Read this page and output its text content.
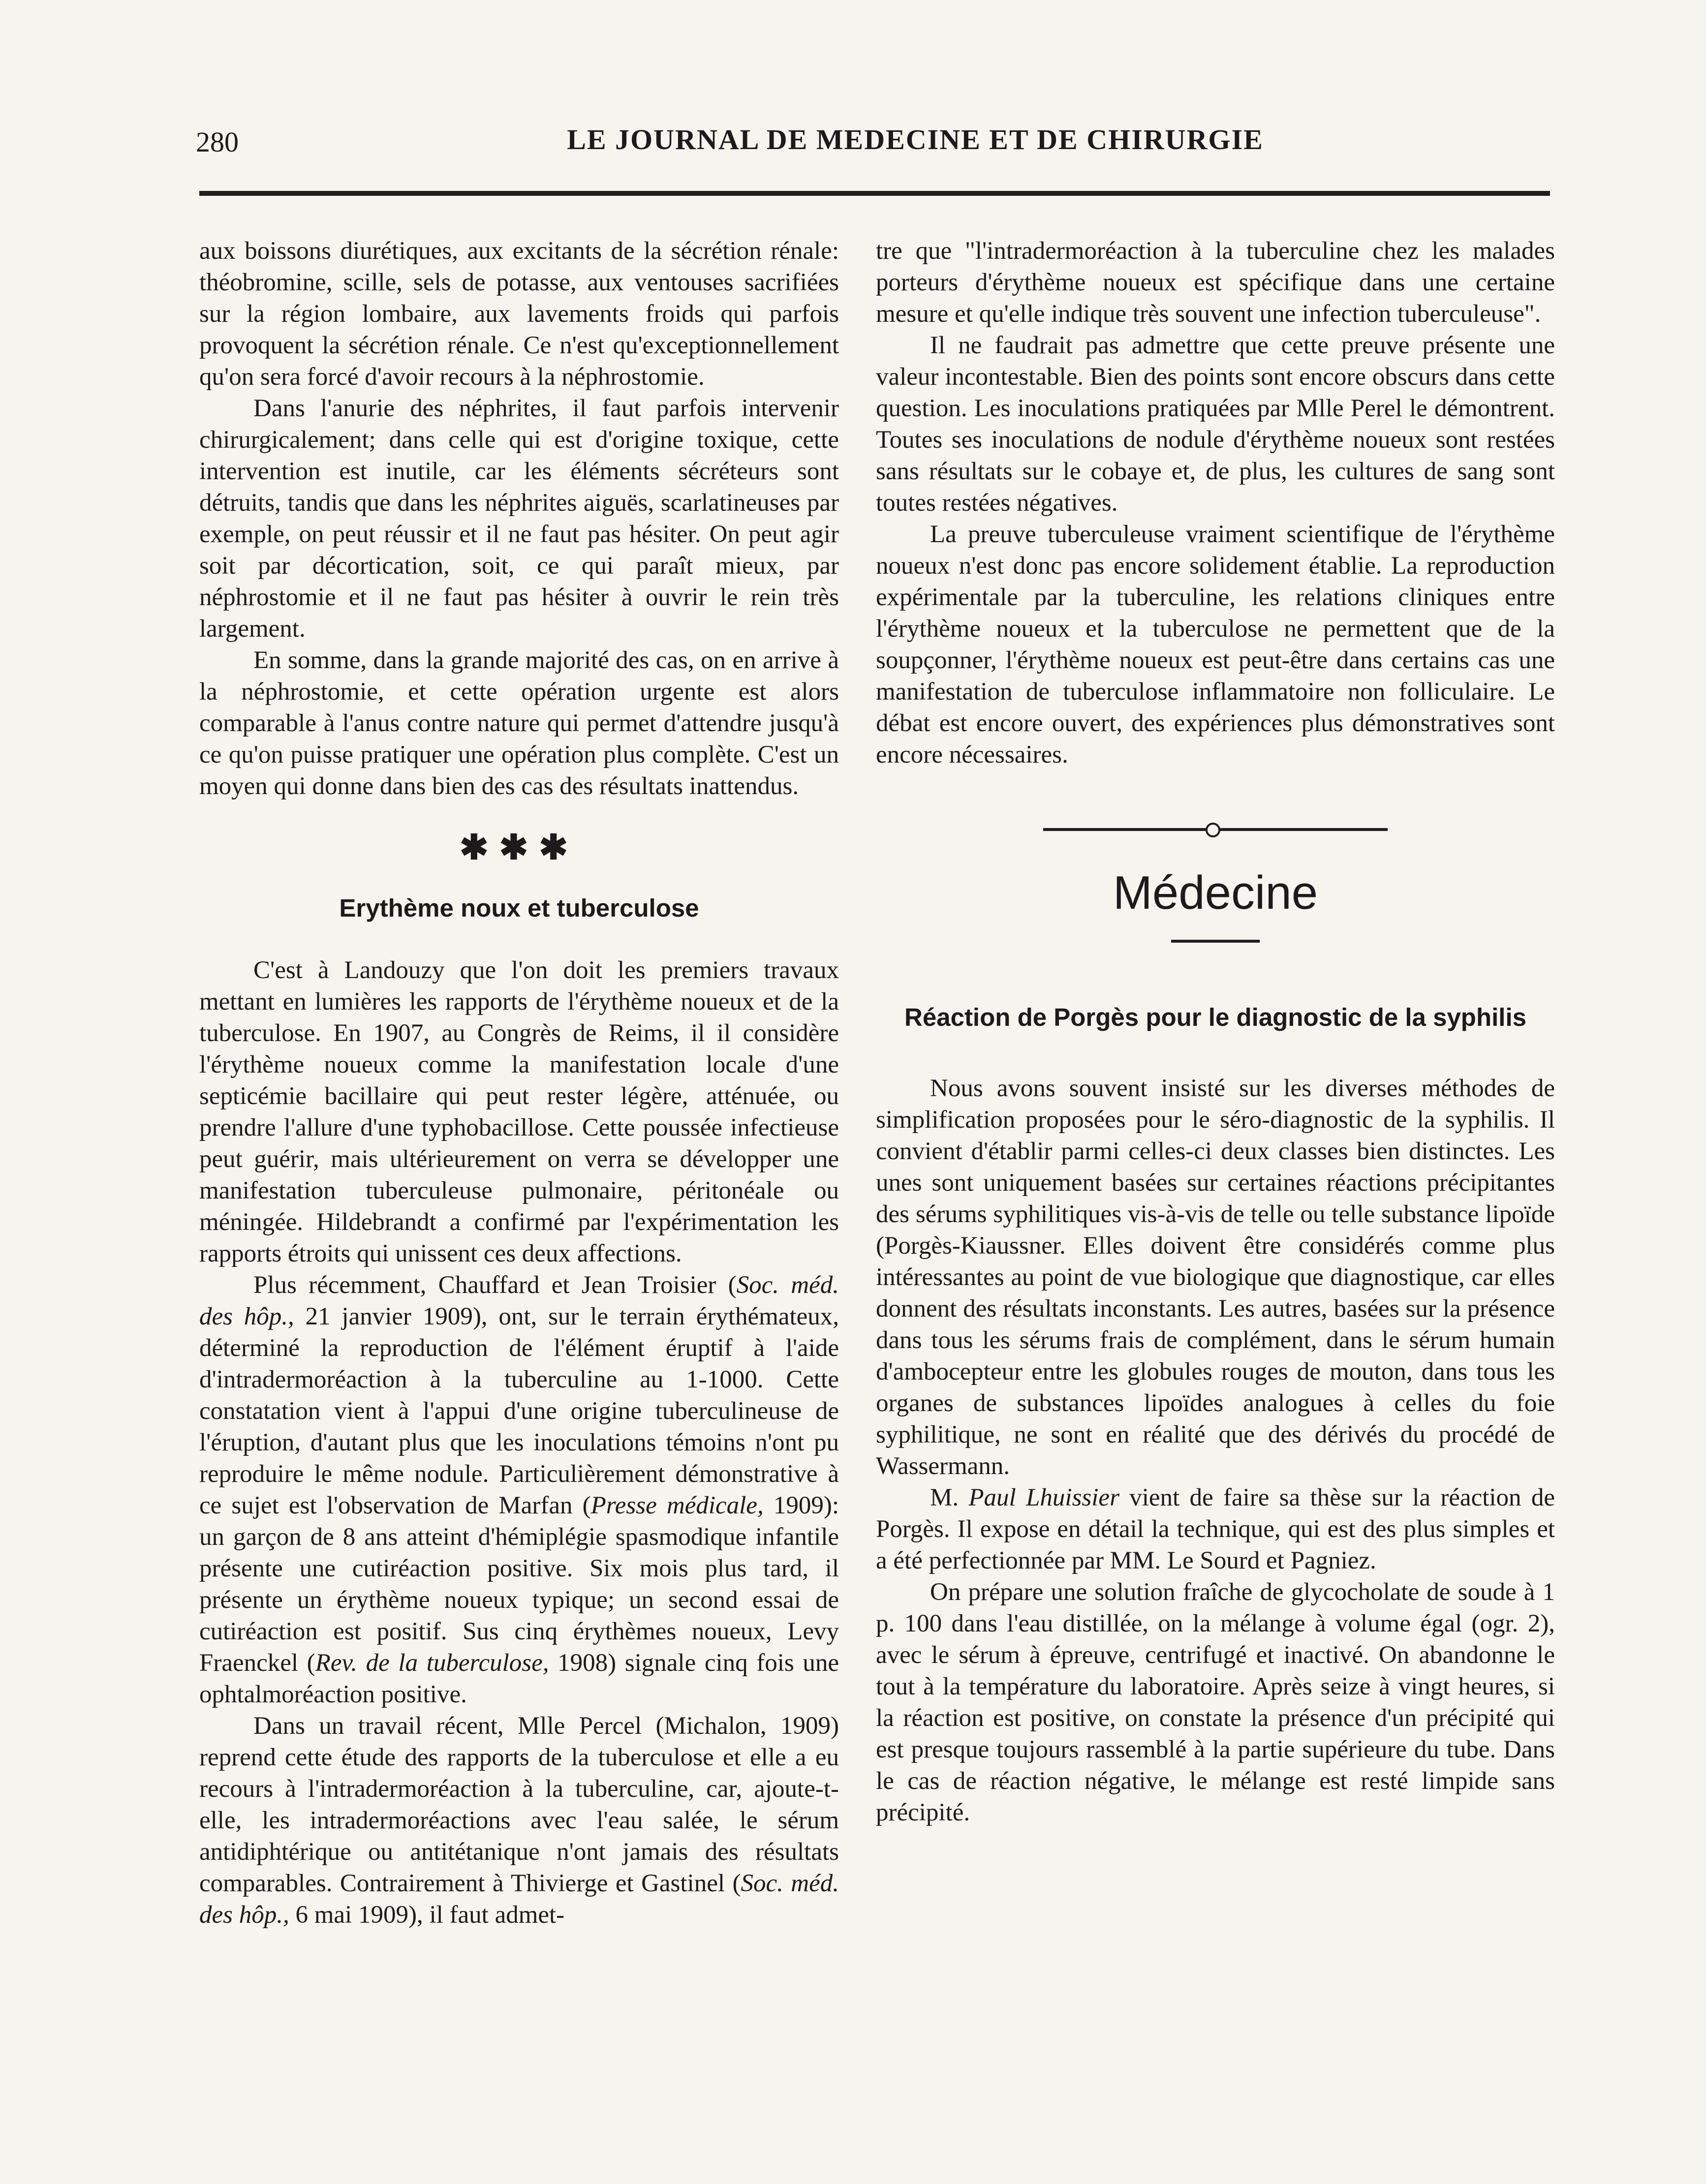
280	LE JOURNAL DE MEDECINE ET DE CHIRURGIE

aux boissons diurétiques, aux excitants de la sécrétion rénale: théobromine, scille, sels de potasse, aux ventouses sacrifiées sur la région lombaire, aux lavements froids qui parfois provoquent la sécrétion rénale. Ce n'est qu'exceptionnellement qu'on sera forcé d'avoir recours à la néphrostomie.

Dans l'anurie des néphrites, il faut parfois intervenir chirurgicalement; dans celle qui est d'origine toxique, cette intervention est inutile, car les éléments sécréteurs sont détruits, tandis que dans les néphrites aiguës, scarlatineuses par exemple, on peut réussir et il ne faut pas hésiter. On peut agir soit par décortication, soit, ce qui paraît mieux, par néphrostomie et il ne faut pas hésiter à ouvrir le rein très largement.

En somme, dans la grande majorité des cas, on en arrive à la néphrostomie, et cette opération urgente est alors comparable à l'anus contre nature qui permet d'attendre jusqu'à ce qu'on puisse pratiquer une opération plus complète. C'est un moyen qui donne dans bien des cas des résultats inattendus.

✱✱✱
Erythème noux et tuberculose

C'est à Landouzy que l'on doit les premiers travaux mettant en lumières les rapports de l'érythème noueux et de la tuberculose. En 1907, au Congrès de Reims, il il considère l'érythème noueux comme la manifestation locale d'une septicémie bacillaire qui peut rester légère, atténuée, ou prendre l'allure d'une typhobacillose. Cette poussée infectieuse peut guérir, mais ultérieurement on verra se développer une manifestation tuberculeuse pulmonaire, péritonéale ou méningée. Hildebrandt a confirmé par l'expérimentation les rapports étroits qui unissent ces deux affections.

Plus récemment, Chauffard et Jean Troisier (Soc. méd. des hôp., 21 janvier 1909), ont, sur le terrain érythémateux, déterminé la reproduction de l'élément éruptif à l'aide d'intradermoréaction à la tuberculine au 1-1000. Cette constatation vient à l'appui d'une origine tuberculineuse de l'éruption, d'autant plus que les inoculations témoins n'ont pu reproduire le même nodule. Particulièrement démonstrative à ce sujet est l'observation de Marfan (Presse médicale, 1909): un garçon de 8 ans atteint d'hémiplégie spasmodique infantile présente une cutiréaction positive. Six mois plus tard, il présente un érythème noueux typique; un second essai de cutiréaction est positif. Sus cinq érythèmes noueux, Levy Fraenckel (Rev. de la tuberculose, 1908) signale cinq fois une ophtalmoréaction positive.

Dans un travail récent, Mlle Percel (Michalon, 1909) reprend cette étude des rapports de la tuberculose et elle a eu recours à l'intradermoréaction à la tuberculine, car, ajoute-t-elle, les intradermoréactions avec l'eau salée, le sérum antidiphtérique ou antitétanique n'ont jamais des résultats comparables. Contrairement à Thivierge et Gastinel (Soc. méd. des hôp., 6 mai 1909), il faut admet-

tre que "l'intradermoréaction à la tuberculine chez les malades porteurs d'érythème noueux est spécifique dans une certaine mesure et qu'elle indique très souvent une infection tuberculeuse".

Il ne faudrait pas admettre que cette preuve présente une valeur incontestable. Bien des points sont encore obscurs dans cette question. Les inoculations pratiquées par Mlle Perel le démontrent. Toutes ses inoculations de nodule d'érythème noueux sont restées sans résultats sur le cobaye et, de plus, les cultures de sang sont toutes restées négatives.

La preuve tuberculeuse vraiment scientifique de l'érythème noueux n'est donc pas encore solidement établie. La reproduction expérimentale par la tuberculine, les relations cliniques entre l'érythème noueux et la tuberculose ne permettent que de la soupçonner, l'érythème noueux est peut-être dans certains cas une manifestation de tuberculose inflammatoire non folliculaire. Le débat est encore ouvert, des expériences plus démonstratives sont encore nécessaires.

Médecine
Réaction de Porgès pour le diagnostic de la syphilis

Nous avons souvent insisté sur les diverses méthodes de simplification proposées pour le séro-diagnostic de la syphilis. Il convient d'établir parmi celles-ci deux classes bien distinctes. Les unes sont uniquement basées sur certaines réactions précipitantes des sérums syphilitiques vis-à-vis de telle ou telle substance lipoïde (Porgès-Kiaussner. Elles doivent être considérés comme plus intéressantes au point de vue biologique que diagnostique, car elles donnent des résultats inconstants. Les autres, basées sur la présence dans tous les sérums frais de complément, dans le sérum humain d'ambocepteur entre les globules rouges de mouton, dans tous les organes de substances lipoïdes analogues à celles du foie syphilitique, ne sont en réalité que des dérivés du procédé de Wassermann.

M. Paul Lhuissier vient de faire sa thèse sur la réaction de Porgès. Il expose en détail la technique, qui est des plus simples et a été perfectionnée par MM. Le Sourd et Pagniez.

On prépare une solution fraîche de glycocholate de soude à 1 p. 100 dans l'eau distillée, on la mélange à volume égal (ogr. 2), avec le sérum à épreuve, centrifugé et inactivé. On abandonne le tout à la température du laboratoire. Après seize à vingt heures, si la réaction est positive, on constate la présence d'un précipité qui est presque toujours rassemblé à la partie supérieure du tube. Dans le cas de réaction négative, le mélange est resté limpide sans précipité.
